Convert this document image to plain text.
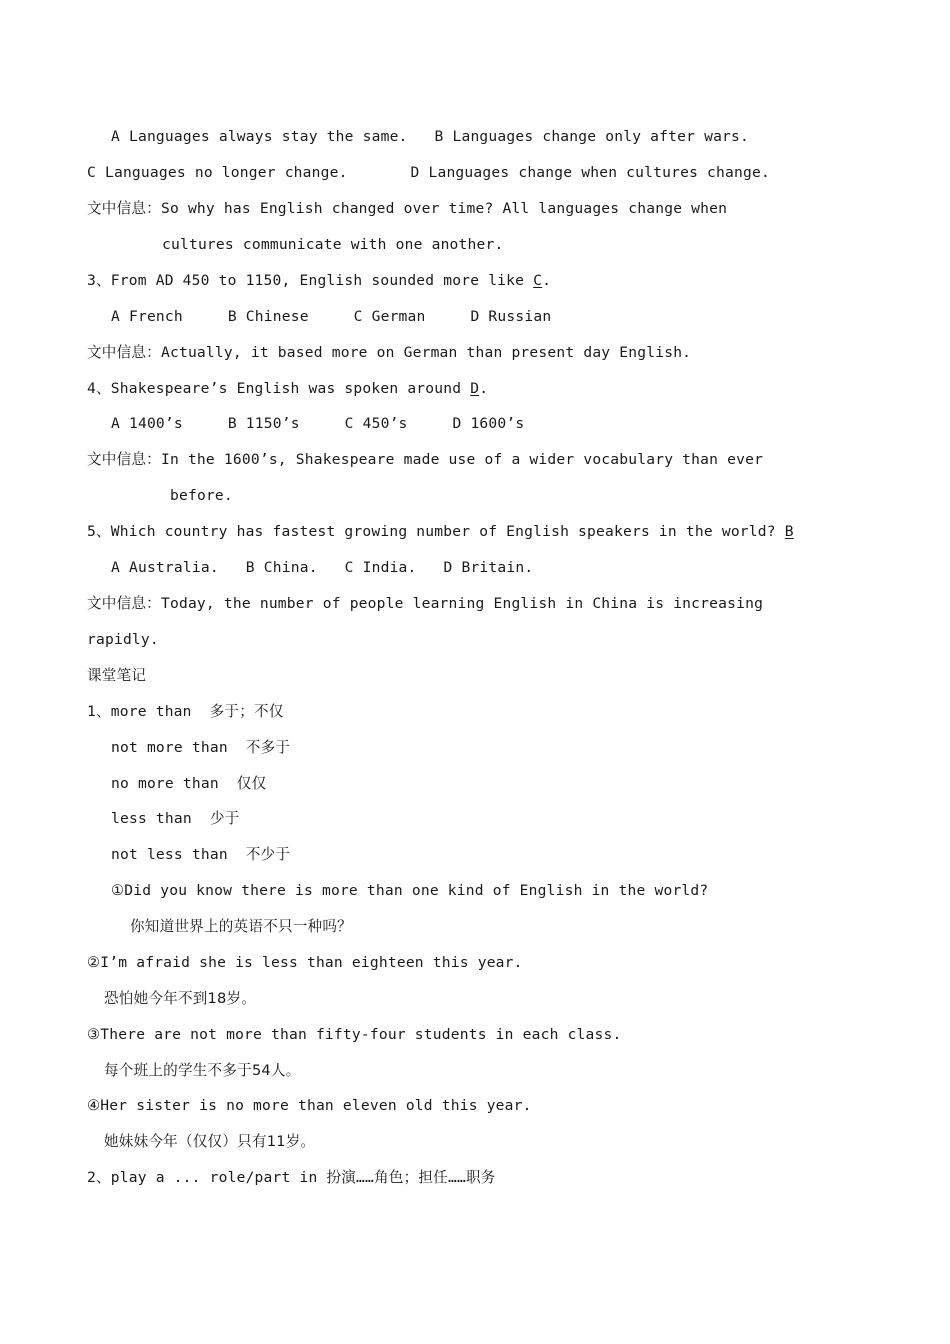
A Languages always stay the same.   B Languages change only after wars.
C Languages no longer change.       D Languages change when cultures change.
文中信息：So why has English changed over time? All languages change when
cultures communicate with one another.
3、From AD 450 to 1150, English sounded more like C.
A French     B Chinese     C German     D Russian
文中信息：Actually, it based more on German than present day English.
4、Shakespeare’s English was spoken around D.
A 1400’s     B 1150’s     C 450’s     D 1600’s
文中信息：In the 1600’s, Shakespeare made use of a wider vocabulary than ever
before.
5、Which country has fastest growing number of English speakers in the world? B
A Australia.   B China.   C India.   D Britain.
文中信息：Today, the number of people learning English in China is increasing
rapidly.
课堂笔记
1、more than  多于；不仅
not more than  不多于
no more than  仅仅
less than  少于
not less than  不少于
①Did you know there is more than one kind of English in the world?
你知道世界上的英语不只一种吗？
②I’m afraid she is less than eighteen this year.
恐怕她今年不到18岁。
③There are not more than fifty-four students in each class.
每个班上的学生不多于54人。
④Her sister is no more than eleven old this year.
她妹妹今年（仅仅）只有11岁。
2、play a ... role/part in 扮演……角色；担任……职务
